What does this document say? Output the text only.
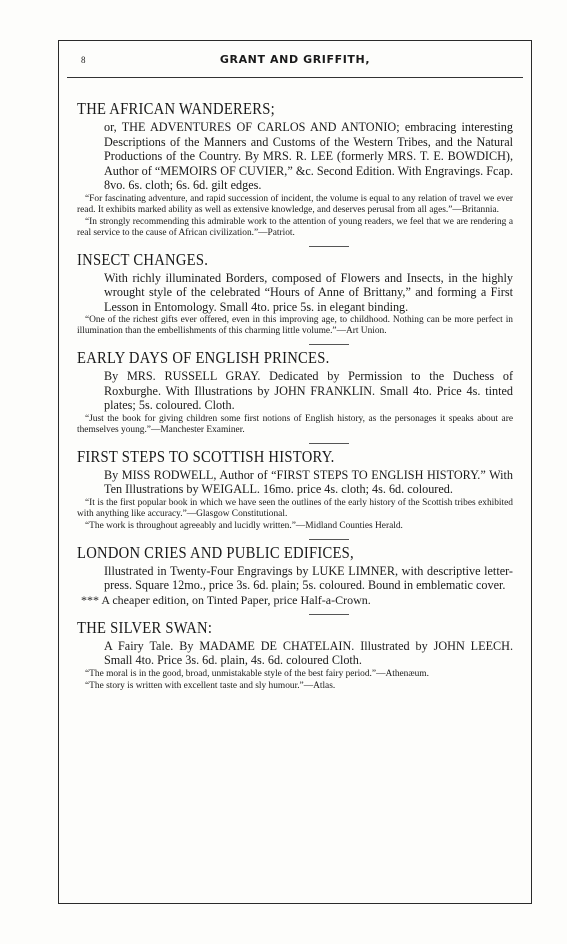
8	GRANT AND GRIFFITH,
THE AFRICAN WANDERERS;
or, THE ADVENTURES OF CARLOS AND ANTONIO; embracing interesting Descriptions of the Manners and Customs of the Western Tribes, and the Natural Productions of the Country. By MRS. R. LEE (formerly MRS. T. E. BOWDICH), Author of “MEMOIRS OF CUVIER,” &c. Second Edition. With Engravings. Fcap. 8vo. 6s. cloth; 6s. 6d. gilt edges.

“For fascinating adventure, and rapid succession of incident, the volume is equal to any relation of travel we ever read. It exhibits marked ability as well as extensive knowledge, and deserves perusal from all ages.”—Britannia.

“In strongly recommending this admirable work to the attention of young readers, we feel that we are rendering a real service to the cause of African civilization.”—Patriot.

INSECT CHANGES.
With richly illuminated Borders, composed of Flowers and Insects, in the highly wrought style of the celebrated “Hours of Anne of Brittany,” and forming a First Lesson in Entomology. Small 4to. price 5s. in elegant binding.

“One of the richest gifts ever offered, even in this improving age, to childhood. Nothing can be more perfect in illumination than the embellishments of this charming little volume.”—Art Union.

EARLY DAYS OF ENGLISH PRINCES.
By MRS. RUSSELL GRAY. Dedicated by Permission to the Duchess of Roxburghe. With Illustrations by JOHN FRANKLIN. Small 4to. Price 4s. tinted plates; 5s. coloured. Cloth.

“Just the book for giving children some first notions of English history, as the personages it speaks about are themselves young.”—Manchester Examiner.

FIRST STEPS TO SCOTTISH HISTORY.
By MISS RODWELL, Author of “FIRST STEPS TO ENGLISH HISTORY.” With Ten Illustrations by WEIGALL. 16mo. price 4s. cloth; 4s. 6d. coloured.

“It is the first popular book in which we have seen the outlines of the early history of the Scottish tribes exhibited with anything like accuracy.”—Glasgow Constitutional.

“The work is throughout agreeably and lucidly written.”—Midland Counties Herald.

LONDON CRIES AND PUBLIC EDIFICES,
Illustrated in Twenty-Four Engravings by LUKE LIMNER, with descriptive letter-press. Square 12mo., price 3s. 6d. plain; 5s. coloured. Bound in emblematic cover.
*** A cheaper edition, on Tinted Paper, price Half-a-Crown.
THE SILVER SWAN:
A Fairy Tale. By MADAME DE CHATELAIN. Illustrated by JOHN LEECH. Small 4to. Price 3s. 6d. plain, 4s. 6d. coloured Cloth.

“The moral is in the good, broad, unmistakable style of the best fairy period.”—Athenæum.

“The story is written with excellent taste and sly humour.”—Atlas.
